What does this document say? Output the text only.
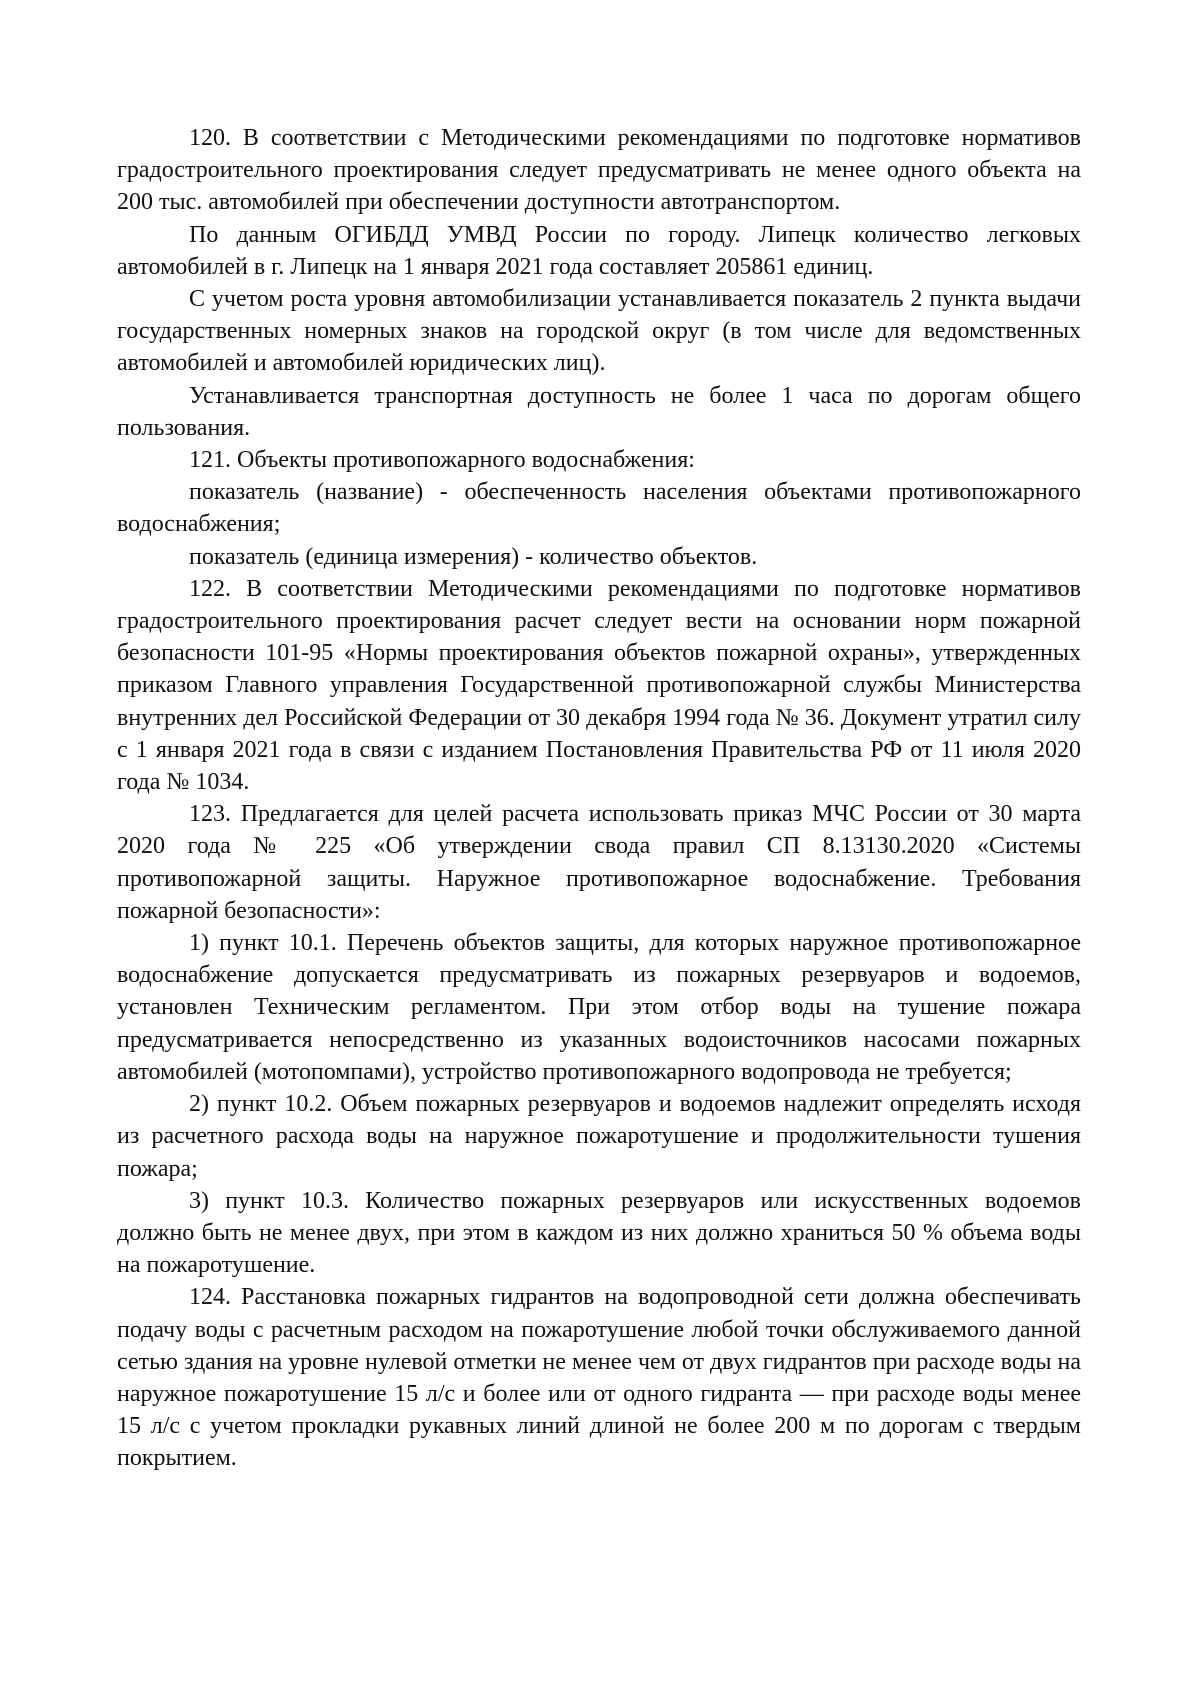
120. В соответствии с Методическими рекомендациями по подготовке нормативов градостроительного проектирования следует предусматривать не менее одного объекта на 200 тыс. автомобилей при обеспечении доступности автотранспортом.

По данным ОГИБДД УМВД России по городу. Липецк количество легковых автомобилей в г. Липецк на 1 января 2021 года составляет 205861 единиц.

С учетом роста уровня автомобилизации устанавливается показатель 2 пункта выдачи государственных номерных знаков на городской округ (в том числе для ведомственных автомобилей и автомобилей юридических лиц).

Устанавливается транспортная доступность не более 1 часа по дорогам общего пользования.

121. Объекты противопожарного водоснабжения:

показатель (название) - обеспеченность населения объектами противопожарного водоснабжения;

показатель (единица измерения) - количество объектов.

122. В соответствии Методическими рекомендациями по подготовке нормативов градостроительного проектирования расчет следует вести на основании норм пожарной безопасности 101-95 «Нормы проектирования объектов пожарной охраны», утвержденных приказом Главного управления Государственной противопожарной службы Министерства внутренних дел Российской Федерации от 30 декабря 1994 года № 36. Документ утратил силу с 1 января 2021 года в связи с изданием Постановления Правительства РФ от 11 июля 2020 года № 1034.

123. Предлагается для целей расчета использовать приказ МЧС России от 30 марта 2020 года № 225 «Об утверждении свода правил СП 8.13130.2020 «Системы противопожарной защиты. Наружное противопожарное водоснабжение. Требования пожарной безопасности»:

1) пункт 10.1. Перечень объектов защиты, для которых наружное противопожарное водоснабжение допускается предусматривать из пожарных резервуаров и водоемов, установлен Техническим регламентом. При этом отбор воды на тушение пожара предусматривается непосредственно из указанных водоисточников насосами пожарных автомобилей (мотопомпами), устройство противопожарного водопровода не требуется;

2) пункт 10.2. Объем пожарных резервуаров и водоемов надлежит определять исходя из расчетного расхода воды на наружное пожаротушение и продолжительности тушения пожара;

3) пункт 10.3. Количество пожарных резервуаров или искусственных водоемов должно быть не менее двух, при этом в каждом из них должно храниться 50 % объема воды на пожаротушение.

124. Расстановка пожарных гидрантов на водопроводной сети должна обеспечивать подачу воды с расчетным расходом на пожаротушение любой точки обслуживаемого данной сетью здания на уровне нулевой отметки не менее чем от двух гидрантов при расходе воды на наружное пожаротушение 15 л/с и более или от одного гидранта — при расходе воды менее 15 л/с с учетом прокладки рукавных линий длиной не более 200 м по дорогам с твердым покрытием.
